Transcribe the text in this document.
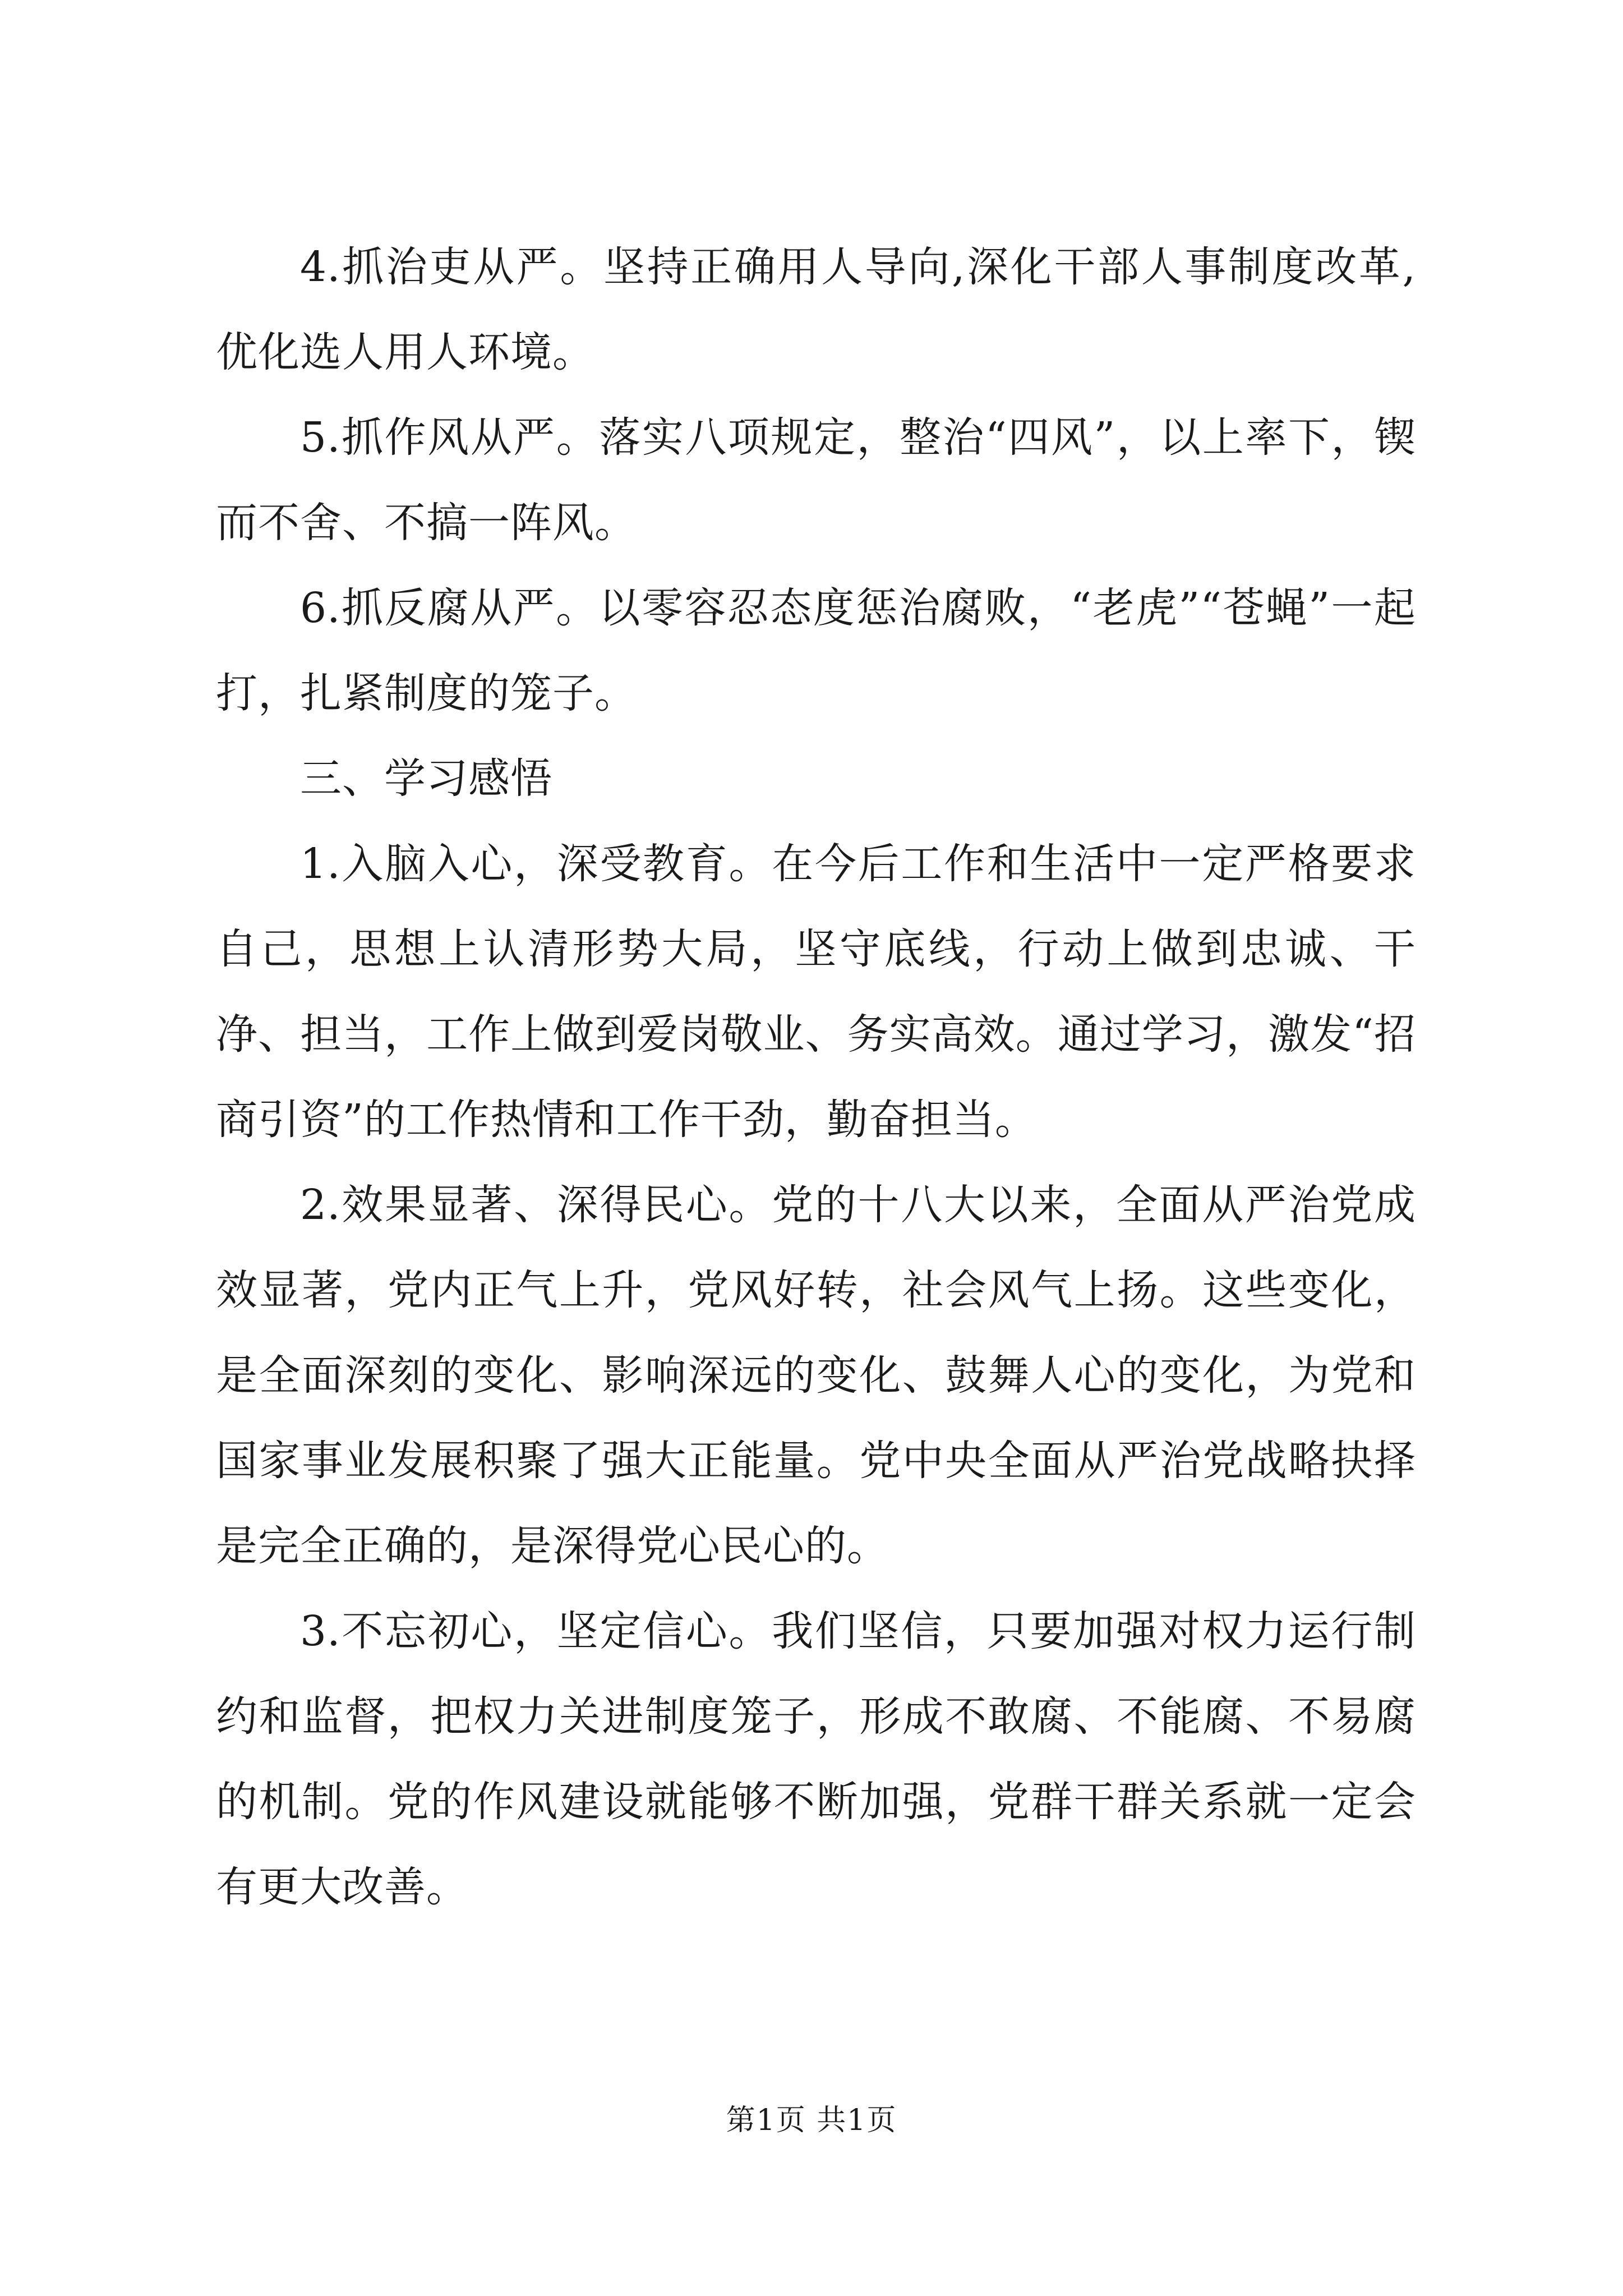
4.抓治吏从严。坚持正确用人导向,深化干部人事制度改革,优化选人用人环境。

5.抓作风从严。落实八项规定，整治“四风”，以上率下，锲而不舍、不搞一阵风。

6.抓反腐从严。以零容忍态度惩治腐败，“老虎”“苍蝇”一起打，扎紧制度的笼子。

三、学习感悟

1.入脑入心，深受教育。在今后工作和生活中一定严格要求自己，思想上认清形势大局，坚守底线，行动上做到忠诚、干净、担当，工作上做到爱岗敬业、务实高效。通过学习，激发“招商引资”的工作热情和工作干劲，勤奋担当。

2.效果显著、深得民心。党的十八大以来，全面从严治党成效显著，党内正气上升，党风好转，社会风气上扬。这些变化，是全面深刻的变化、影响深远的变化、鼓舞人心的变化，为党和国家事业发展积聚了强大正能量。党中央全面从严治党战略抉择是完全正确的，是深得党心民心的。

3.不忘初心，坚定信心。我们坚信，只要加强对权力运行制约和监督，把权力关进制度笼子，形成不敢腐、不能腐、不易腐的机制。党的作风建设就能够不断加强，党群干群关系就一定会有更大改善。

第1页 共1页
